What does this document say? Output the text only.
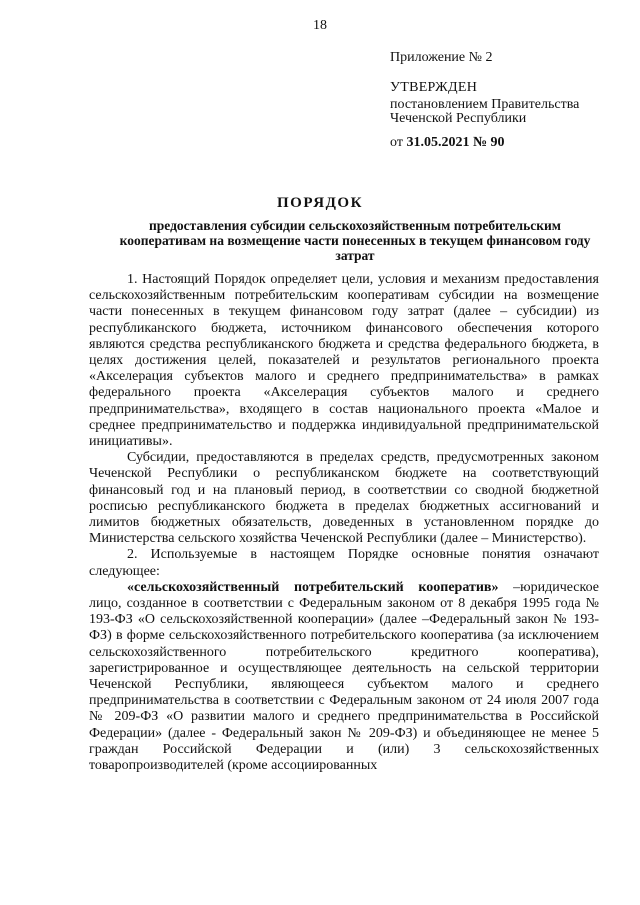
18
Приложение № 2
УТВЕРЖДЕН
постановлением Правительства Чеченской Республики
от 31.05.2021 № 90
ПОРЯДОК
предоставления субсидии сельскохозяйственным потребительским кооперативам на возмещение части понесенных в текущем финансовом году затрат

1. Настоящий Порядок определяет цели, условия и механизм предоставления сельскохозяйственным потребительским кооперативам субсидии на возмещение части понесенных в текущем финансовом году затрат (далее – субсидии) из республиканского бюджета, источником финансового обеспечения которого являются средства республиканского бюджета и средства федерального бюджета, в целях достижения целей, показателей и результатов регионального проекта «Акселерация субъектов малого и среднего предпринимательства» в рамках федерального проекта «Акселерация субъектов малого и среднего предпринимательства», входящего в состав национального проекта «Малое и среднее предпринимательство и поддержка индивидуальной предпринимательской инициативы».

Субсидии, предоставляются в пределах средств, предусмотренных законом Чеченской Республики о республиканском бюджете на соответствующий финансовый год и на плановый период, в соответствии со сводной бюджетной росписью республиканского бюджета в пределах бюджетных ассигнований и лимитов бюджетных обязательств, доведенных в установленном порядке до Министерства сельского хозяйства Чеченской Республики (далее – Министерство).

2. Используемые в настоящем Порядке основные понятия означают следующее:

«сельскохозяйственный потребительский кооператив» –юридическое лицо, созданное в соответствии с Федеральным законом от 8 декабря 1995 года № 193-ФЗ «О сельскохозяйственной кооперации» (далее –Федеральный закон № 193-ФЗ) в форме сельскохозяйственного потребительского кооператива (за исключением сельскохозяйственного потребительского кредитного кооператива), зарегистрированное и осуществляющее деятельность на сельской территории Чеченской Республики, являющееся субъектом малого и среднего предпринимательства в соответствии с Федеральным законом от 24 июля 2007 года № 209-ФЗ «О развитии малого и среднего предпринимательства в Российской Федерации» (далее - Федеральный закон № 209-ФЗ) и объединяющее не менее 5 граждан Российской Федерации и (или) 3 сельскохозяйственных товаропроизводителей (кроме ассоциированных
